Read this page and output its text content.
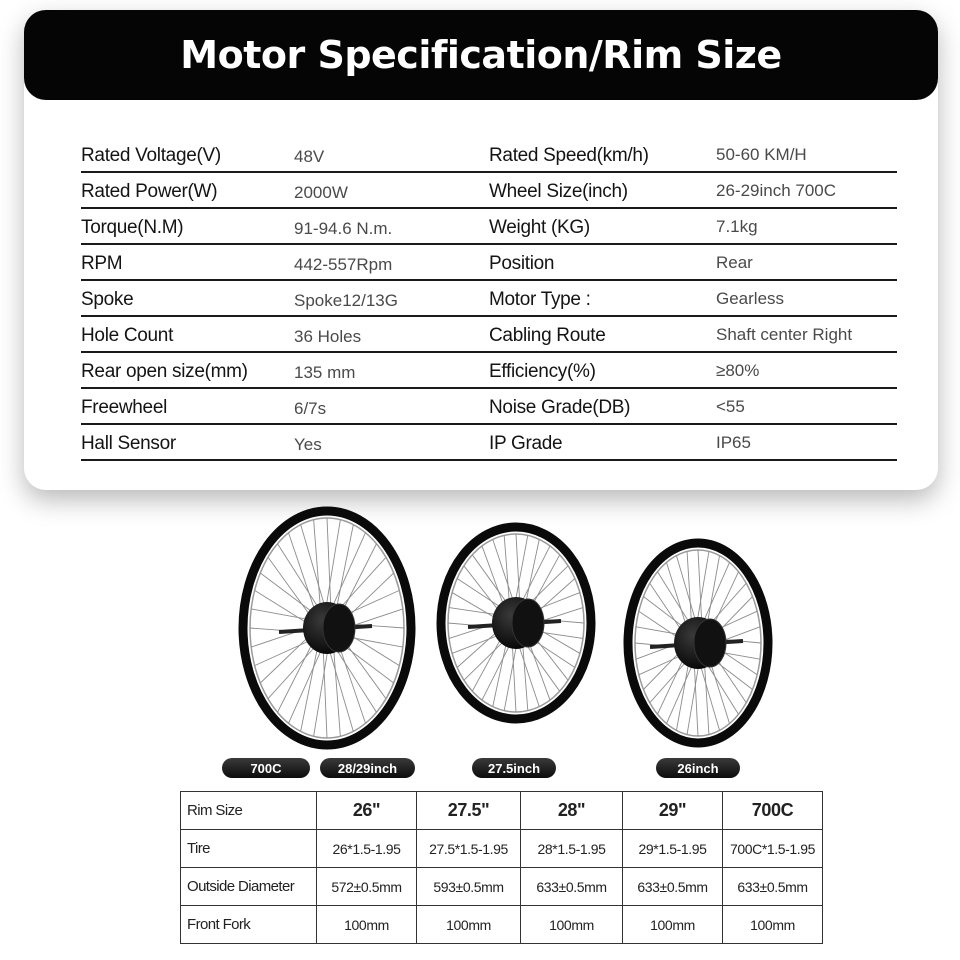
Motor Specification/Rim Size
Rated Voltage(V)	48V	Rated Speed(km/h)	50-60 KM/H
Rated Power(W)	2000W	Wheel Size(inch)	26-29inch 700C
Torque(N.M)	91-94.6 N.m.	Weight (KG)	7.1kg
RPM	442-557Rpm	Position	Rear
Spoke	Spoke12/13G	Motor Type :	Gearless
Hole Count	36 Holes	Cabling Route	Shaft center Right
Rear open size(mm)	135 mm	Efficiency(%)	≥80%
Freewheel	6/7s	Noise Grade(DB)	<55
Hall Sensor	Yes	IP Grade	IP65
700C	28/29inch	27.5inch	26inch
Rim Size	26"	27.5"	28"	29"	700C
Tire	26*1.5-1.95	27.5*1.5-1.95	28*1.5-1.95	29*1.5-1.95	700C*1.5-1.95
Outside Diameter	572±0.5mm	593±0.5mm	633±0.5mm	633±0.5mm	633±0.5mm
Front Fork	100mm	100mm	100mm	100mm	100mm
